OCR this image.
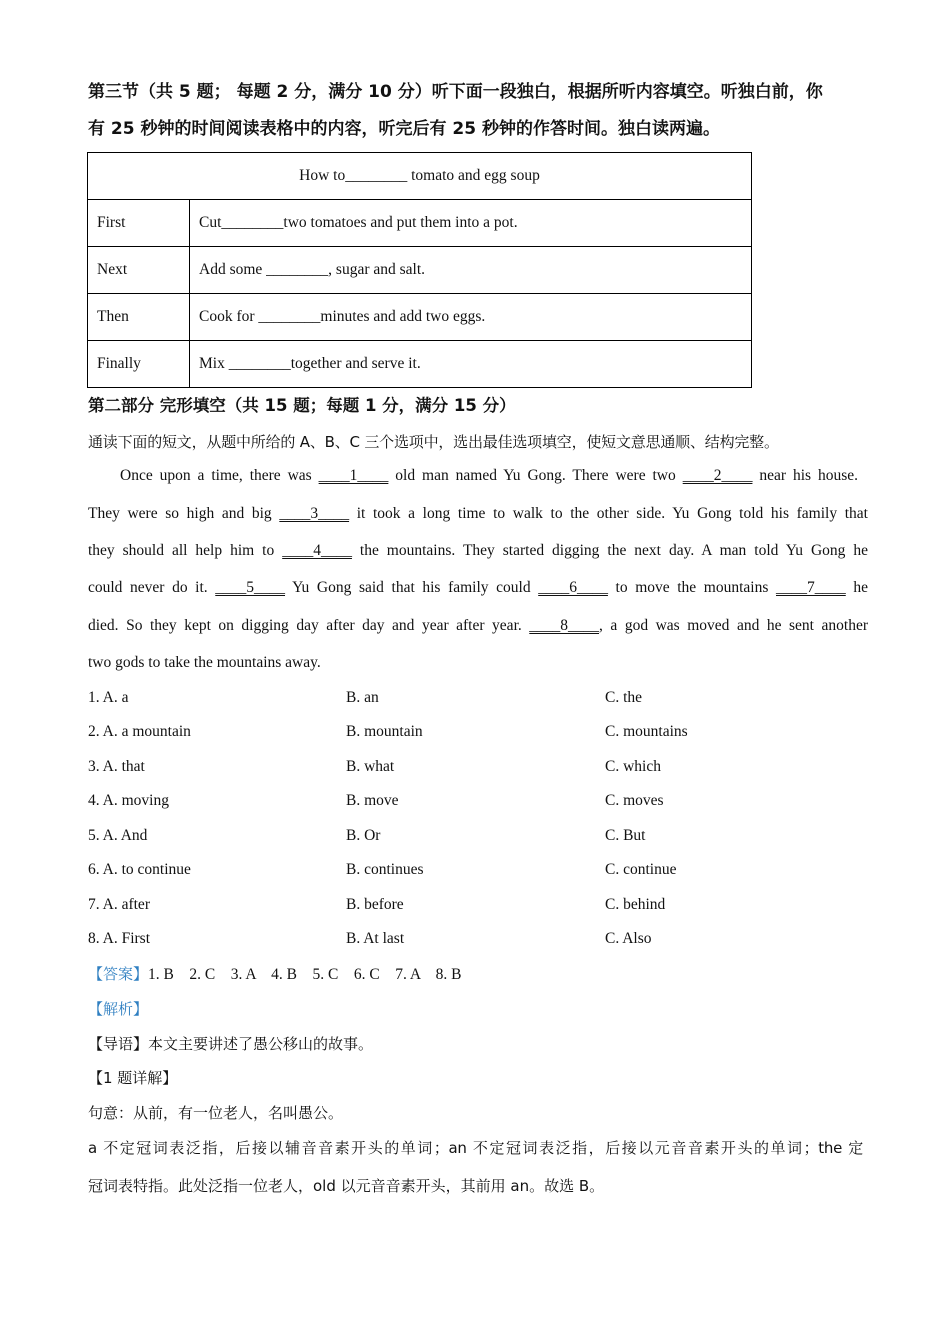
第三节（共 5 题； 每题 2 分，满分 10 分）听下面一段独白，根据所听内容填空。听独白前，你
有 25 秒钟的时间阅读表格中的内容，听完后有 25 秒钟的作答时间。独白读两遍。
How to________ tomato and egg soup	
First	Cut________two tomatoes and put them into a pot.
Next	Add some ________, sugar and salt.
Then	Cook for ________minutes and add two eggs.
Finally	Mix ________together and serve it.
第二部分 完形填空（共 15 题；每题 1 分，满分 15 分）
通读下面的短文，从题中所给的 A、B、C 三个选项中，选出最佳选项填空，使短文意思通顺、结构完整。
Once upon a time, there was ____1____ old man named Yu Gong. There were two ____2____ near his house.
They were so high and big ____3____ it took a long time to walk to the other side. Yu Gong told his family that
they should all help him to ____4____ the mountains. They started digging the next day. A man told Yu Gong he
could never do it. ____5____ Yu Gong said that his family could ____6____ to move the mountains ____7____ he
died. So they kept on digging day after day and year after year. ____8____, a god was moved and he sent another
two gods to take the mountains away.
1. A. a	B. an	C. the
2. A. a mountain	B. mountain	C. mountains
3. A. that	B. what	C. which
4. A. moving	B. move	C. moves
5. A. And	B. Or	C. But
6. A. to continue	B. continues	C. continue
7. A. after	B. before	C. behind
8. A. First	B. At last	C. Also
【答案】1. B    2. C    3. A    4. B    5. C    6. C    7. A    8. B
【解析】
【导语】本文主要讲述了愚公移山的故事。
【1 题详解】
句意：从前，有一位老人，名叫愚公。
a 不定冠词表泛指，后接以辅音音素开头的单词；an 不定冠词表泛指，后接以元音音素开头的单词；the 定
冠词表特指。此处泛指一位老人，old 以元音音素开头，其前用 an。故选 B。
